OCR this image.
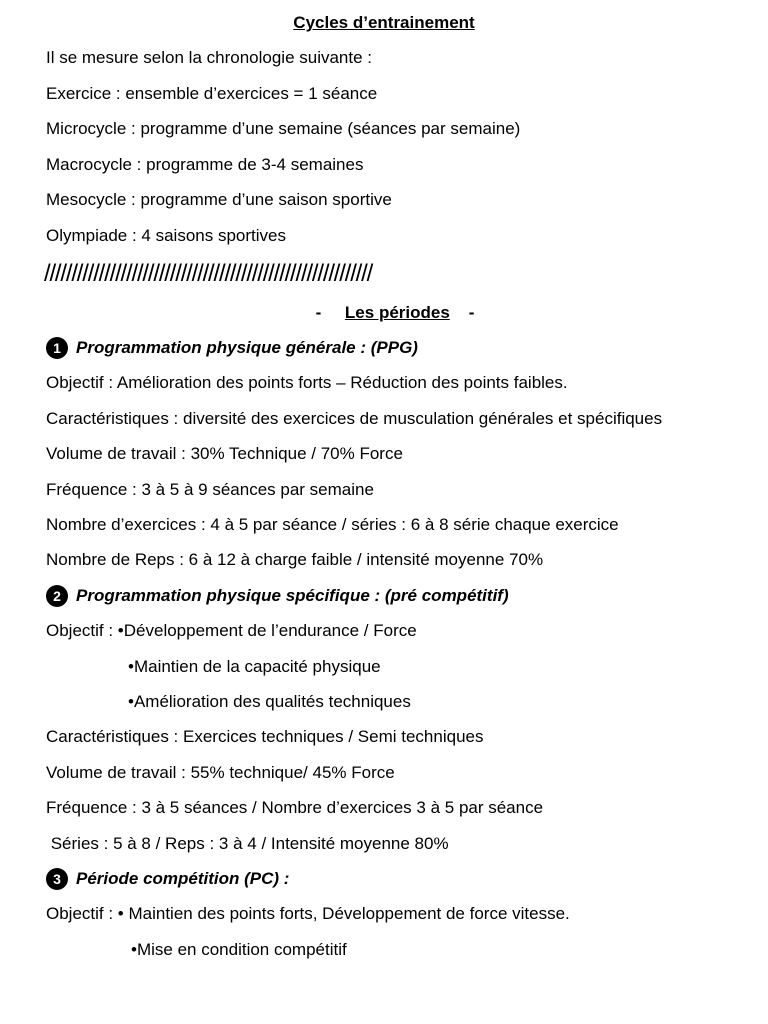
Cycles d’entrainement
Il se mesure selon la chronologie suivante :
Exercice : ensemble d’exercices = 1 séance
Microcycle : programme d’une semaine (séances par semaine)
Macrocycle : programme de 3-4 semaines
Mesocycle : programme d’une saison sportive
Olympiade : 4 saisons sportives
////////////////////////////////////////////////////////////
- Les périodes -
1 Programmation physique générale : (PPG)
Objectif : Amélioration des points forts – Réduction des points faibles.
Caractéristiques : diversité des exercices de musculation générales et spécifiques
Volume de travail : 30% Technique / 70% Force
Fréquence : 3 à 5 à 9 séances par semaine
Nombre d’exercices : 4 à 5 par séance / séries : 6 à 8 série chaque exercice
Nombre de Reps : 6 à 12 à charge faible / intensité moyenne 70%
2 Programmation physique spécifique : (pré compétitif)
Objectif : •Développement de l’endurance / Force
•Maintien de la capacité physique
•Amélioration des qualités techniques
Caractéristiques : Exercices techniques / Semi techniques
Volume de travail : 55% technique/ 45% Force
Fréquence : 3 à 5 séances / Nombre d’exercices 3 à 5 par séance
Séries : 5 à 8 / Reps : 3 à 4 / Intensité moyenne 80%
3 Période compétition (PC) :
Objectif : • Maintien des points forts, Développement de force vitesse.
•Mise en condition compétitif
